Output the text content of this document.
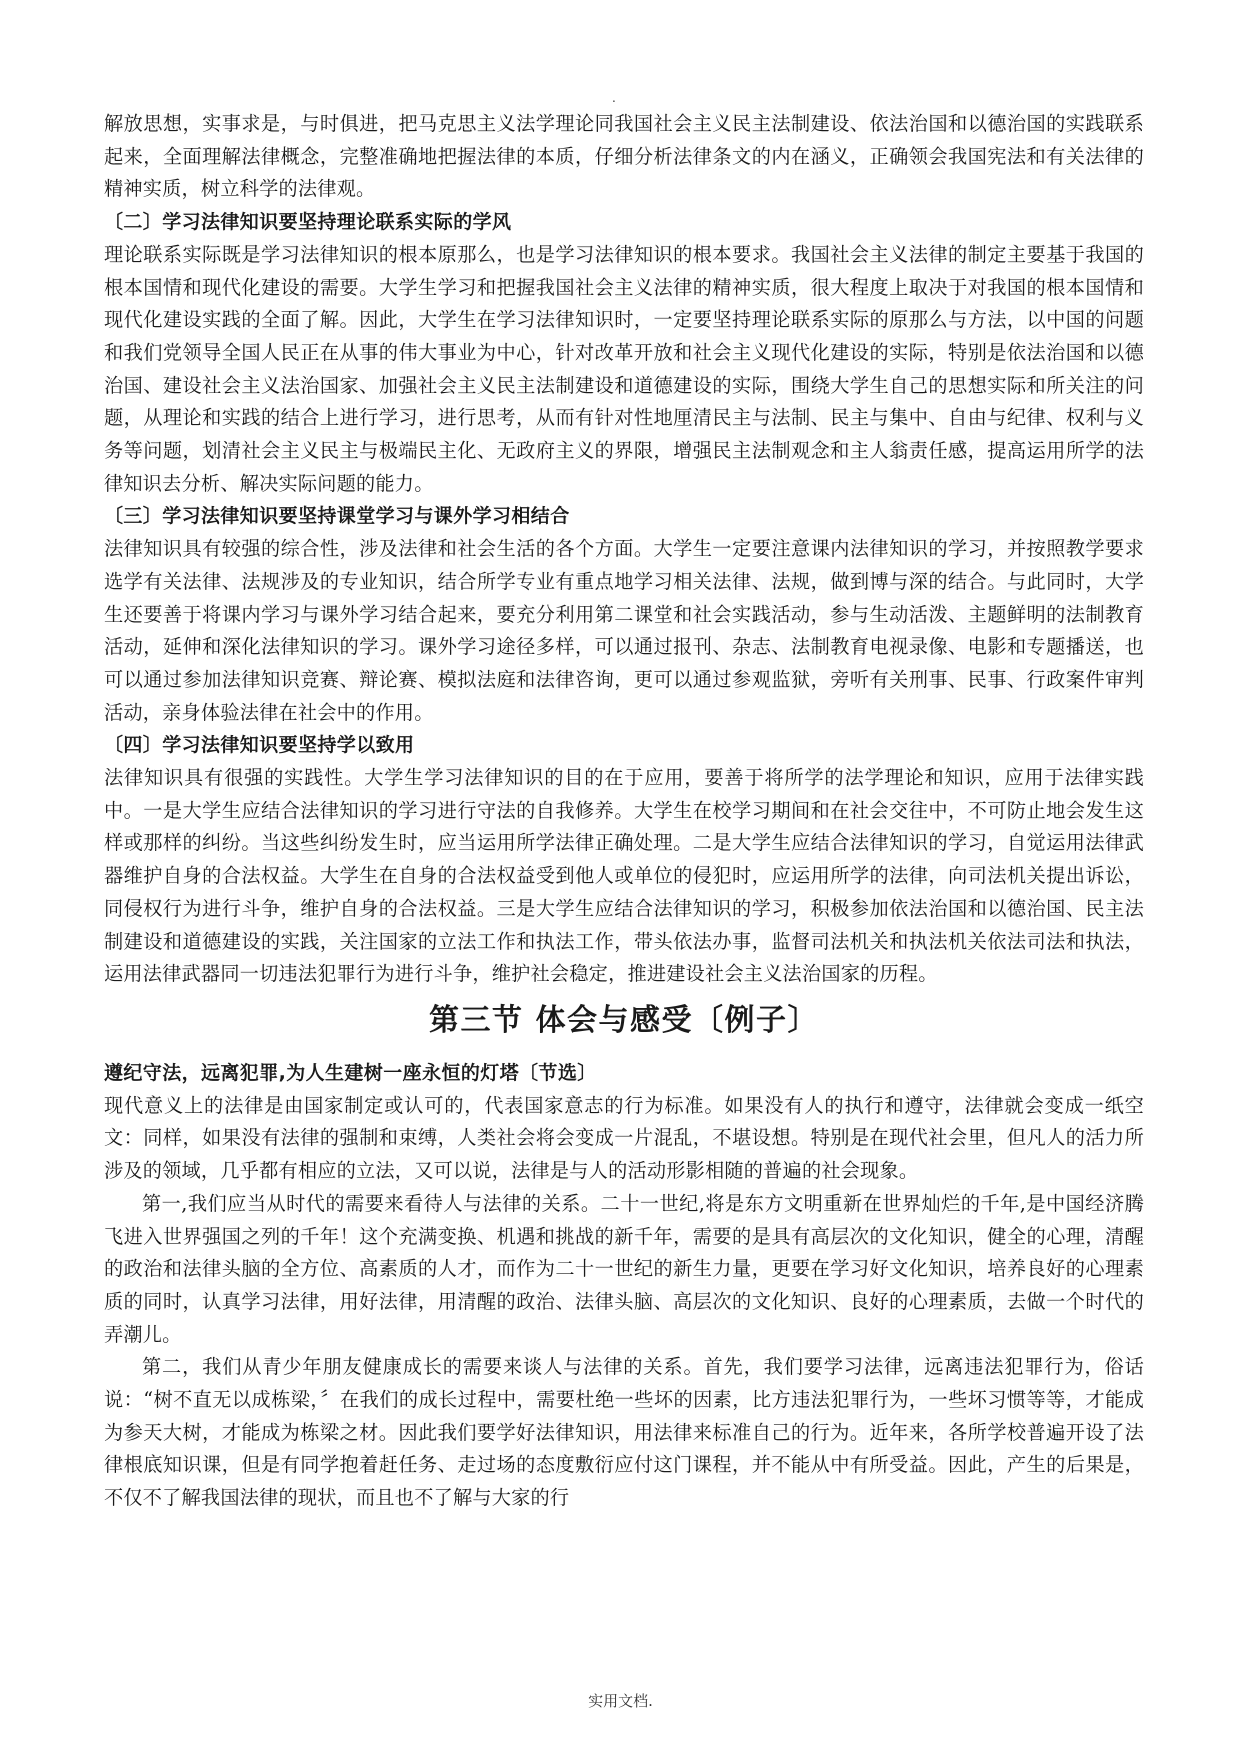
.

解放思想，实事求是，与时俱进，把马克思主义法学理论同我国社会主义民主法制建设、依法治国和以德治国的实践联系起来，全面理解法律概念，完整准确地把握法律的本质，仔细分析法律条文的内在涵义，正确领会我国宪法和有关法律的精神实质，树立科学的法律观。

〔二〕学习法律知识要坚持理论联系实际的学风

理论联系实际既是学习法律知识的根本原那么，也是学习法律知识的根本要求。我国社会主义法律的制定主要基于我国的根本国情和现代化建设的需要。大学生学习和把握我国社会主义法律的精神实质，很大程度上取决于对我国的根本国情和现代化建设实践的全面了解。因此，大学生在学习法律知识时，一定要坚持理论联系实际的原那么与方法，以中国的问题和我们党领导全国人民正在从事的伟大事业为中心，针对改革开放和社会主义现代化建设的实际，特别是依法治国和以德治国、建设社会主义法治国家、加强社会主义民主法制建设和道德建设的实际，围绕大学生自己的思想实际和所关注的问题，从理论和实践的结合上进行学习，进行思考，从而有针对性地厘清民主与法制、民主与集中、自由与纪律、权利与义务等问题，划清社会主义民主与极端民主化、无政府主义的界限，增强民主法制观念和主人翁责任感，提高运用所学的法律知识去分析、解决实际问题的能力。

〔三〕学习法律知识要坚持课堂学习与课外学习相结合

法律知识具有较强的综合性，涉及法律和社会生活的各个方面。大学生一定要注意课内法律知识的学习，并按照教学要求选学有关法律、法规涉及的专业知识，结合所学专业有重点地学习相关法律、法规，做到博与深的结合。与此同时，大学生还要善于将课内学习与课外学习结合起来，要充分利用第二课堂和社会实践活动，参与生动活泼、主题鲜明的法制教育活动，延伸和深化法律知识的学习。课外学习途径多样，可以通过报刊、杂志、法制教育电视录像、电影和专题播送，也可以通过参加法律知识竞赛、辩论赛、模拟法庭和法律咨询，更可以通过参观监狱，旁听有关刑事、民事、行政案件审判活动，亲身体验法律在社会中的作用。

〔四〕学习法律知识要坚持学以致用

法律知识具有很强的实践性。大学生学习法律知识的目的在于应用，要善于将所学的法学理论和知识，应用于法律实践中。一是大学生应结合法律知识的学习进行守法的自我修养。大学生在校学习期间和在社会交往中，不可防止地会发生这样或那样的纠纷。当这些纠纷发生时，应当运用所学法律正确处理。二是大学生应结合法律知识的学习，自觉运用法律武器维护自身的合法权益。大学生在自身的合法权益受到他人或单位的侵犯时，应运用所学的法律，向司法机关提出诉讼，同侵权行为进行斗争，维护自身的合法权益。三是大学生应结合法律知识的学习，积极参加依法治国和以德治国、民主法制建设和道德建设的实践，关注国家的立法工作和执法工作，带头依法办事，监督司法机关和执法机关依法司法和执法，运用法律武器同一切违法犯罪行为进行斗争，维护社会稳定，推进建设社会主义法治国家的历程。

第三节 体会与感受〔例子〕
遵纪守法，远离犯罪,为人生建树一座永恒的灯塔〔节选〕

现代意义上的法律是由国家制定或认可的，代表国家意志的行为标准。如果没有人的执行和遵守，法律就会变成一纸空文：同样，如果没有法律的强制和束缚，人类社会将会变成一片混乱，不堪设想。特别是在现代社会里，但凡人的活力所涉及的领域，几乎都有相应的立法，又可以说，法律是与人的活动形影相随的普遍的社会现象。

第一,我们应当从时代的需要来看待人与法律的关系。二十一世纪,将是东方文明重新在世界灿烂的千年,是中国经济腾飞进入世界强国之列的千年！这个充满变换、机遇和挑战的新千年，需要的是具有高层次的文化知识，健全的心理，清醒的政治和法律头脑的全方位、高素质的人才，而作为二十一世纪的新生力量，更要在学习好文化知识，培养良好的心理素质的同时，认真学习法律，用好法律，用清醒的政治、法律头脑、高层次的文化知识、良好的心理素质，去做一个时代的弄潮儿。

第二，我们从青少年朋友健康成长的需要来谈人与法律的关系。首先，我们要学习法律，远离违法犯罪行为，俗话说：“树不直无以成栋梁，〞在我们的成长过程中，需要杜绝一些坏的因素，比方违法犯罪行为，一些坏习惯等等，才能成为参天大树，才能成为栋梁之材。因此我们要学好法律知识，用法律来标准自己的行为。近年来，各所学校普遍开设了法律根底知识课，但是有同学抱着赶任务、走过场的态度敷衍应付这门课程，并不能从中有所受益。因此，产生的后果是，不仅不了解我国法律的现状，而且也不了解与大家的行

实用文档.
